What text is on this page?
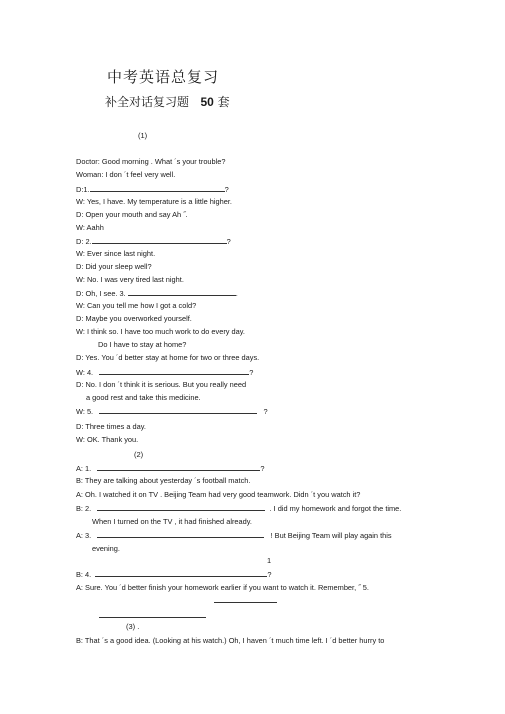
中考英语总复习
补全对话复习题 50 套
(1)
Doctor: Good morning . What ´s your trouble?
Woman: I don ´t feel very well.
D:1.	?
W: Yes, I have. My temperature is a little higher.
D: Open your mouth and say Ah ˝.
W: Aahh
D: 2.	?
W: Ever since last night.
D: Did your sleep well?
W: No. I was very tired last night.
D: Oh, I see. 3.	.
W: Can you tell me how I got a cold?
D: Maybe you overworked yourself.
W: I think so. I have too much work to do every day.
Do I have to stay at home?
D: Yes. You ´d better stay at home for two or three days.
W: 4.	?
D: No. I don ´t think it is serious. But you really need
a good rest and take this medicine.
W: 5.	?
D: Three times a day.
W: OK. Thank you.
(2)
A: 1.	?
B: They are talking about yesterday ´s football match.
A: Oh. I watched it on TV . Beijing Team had very good teamwork. Didn ´t you watch it?
B: 2.	. I did my homework and forgot the time.
When I turned on the TV , it had finished already.
A: 3.	! But Beijing Team will play again this
evening.
1
B: 4.	?
A: Sure. You ´d better finish your homework earlier if you want to watch it. Remember, ˝ 5.
(3) .
B: That ´s a good idea. (Looking at his watch.) Oh, I haven ´t much time left. I ´d better hurry to
